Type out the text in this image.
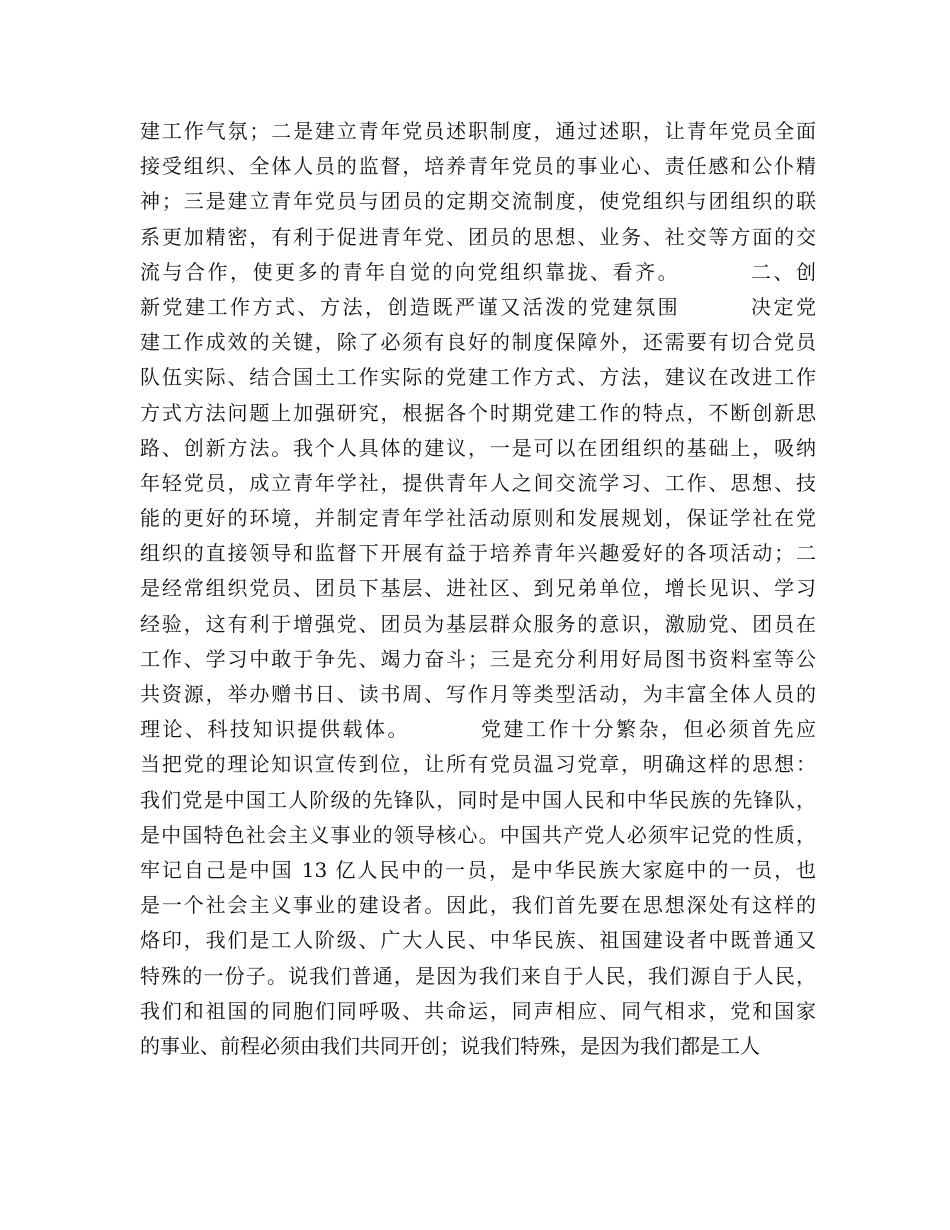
建工作气氛；二是建立青年党员述职制度，通过述职，让青年党员全面
接受组织、全体人员的监督，培养青年党员的事业心、责任感和公仆精
神；三是建立青年党员与团员的定期交流制度，使党组织与团组织的联
系更加精密，有利于促进青年党、团员的思想、业务、社交等方面的交
流与合作，使更多的青年自觉的向党组织靠拢、看齐。        二、创
新党建工作方式、方法，创造既严谨又活泼的党建氛围        决定党
建工作成效的关键，除了必须有良好的制度保障外，还需要有切合党员
队伍实际、结合国土工作实际的党建工作方式、方法，建议在改进工作
方式方法问题上加强研究，根据各个时期党建工作的特点，不断创新思
路、创新方法。我个人具体的建议，一是可以在团组织的基础上，吸纳
年轻党员，成立青年学社，提供青年人之间交流学习、工作、思想、技
能的更好的环境，并制定青年学社活动原则和发展规划，保证学社在党
组织的直接领导和监督下开展有益于培养青年兴趣爱好的各项活动；二
是经常组织党员、团员下基层、进社区、到兄弟单位，增长见识、学习
经验，这有利于增强党、团员为基层群众服务的意识，激励党、团员在
工作、学习中敢于争先、竭力奋斗；三是充分利用好局图书资料室等公
共资源，举办赠书日、读书周、写作月等类型活动，为丰富全体人员的
理论、科技知识提供载体。        党建工作十分繁杂，但必须首先应
当把党的理论知识宣传到位，让所有党员温习党章，明确这样的思想：
我们党是中国工人阶级的先锋队，同时是中国人民和中华民族的先锋队，
是中国特色社会主义事业的领导核心。中国共产党人必须牢记党的性质，
牢记自己是中国 13 亿人民中的一员，是中华民族大家庭中的一员，也
是一个社会主义事业的建设者。因此，我们首先要在思想深处有这样的
烙印，我们是工人阶级、广大人民、中华民族、祖国建设者中既普通又
特殊的一份子。说我们普通，是因为我们来自于人民，我们源自于人民，
我们和祖国的同胞们同呼吸、共命运，同声相应、同气相求，党和国家
的事业、前程必须由我们共同开创；说我们特殊，是因为我们都是工人
